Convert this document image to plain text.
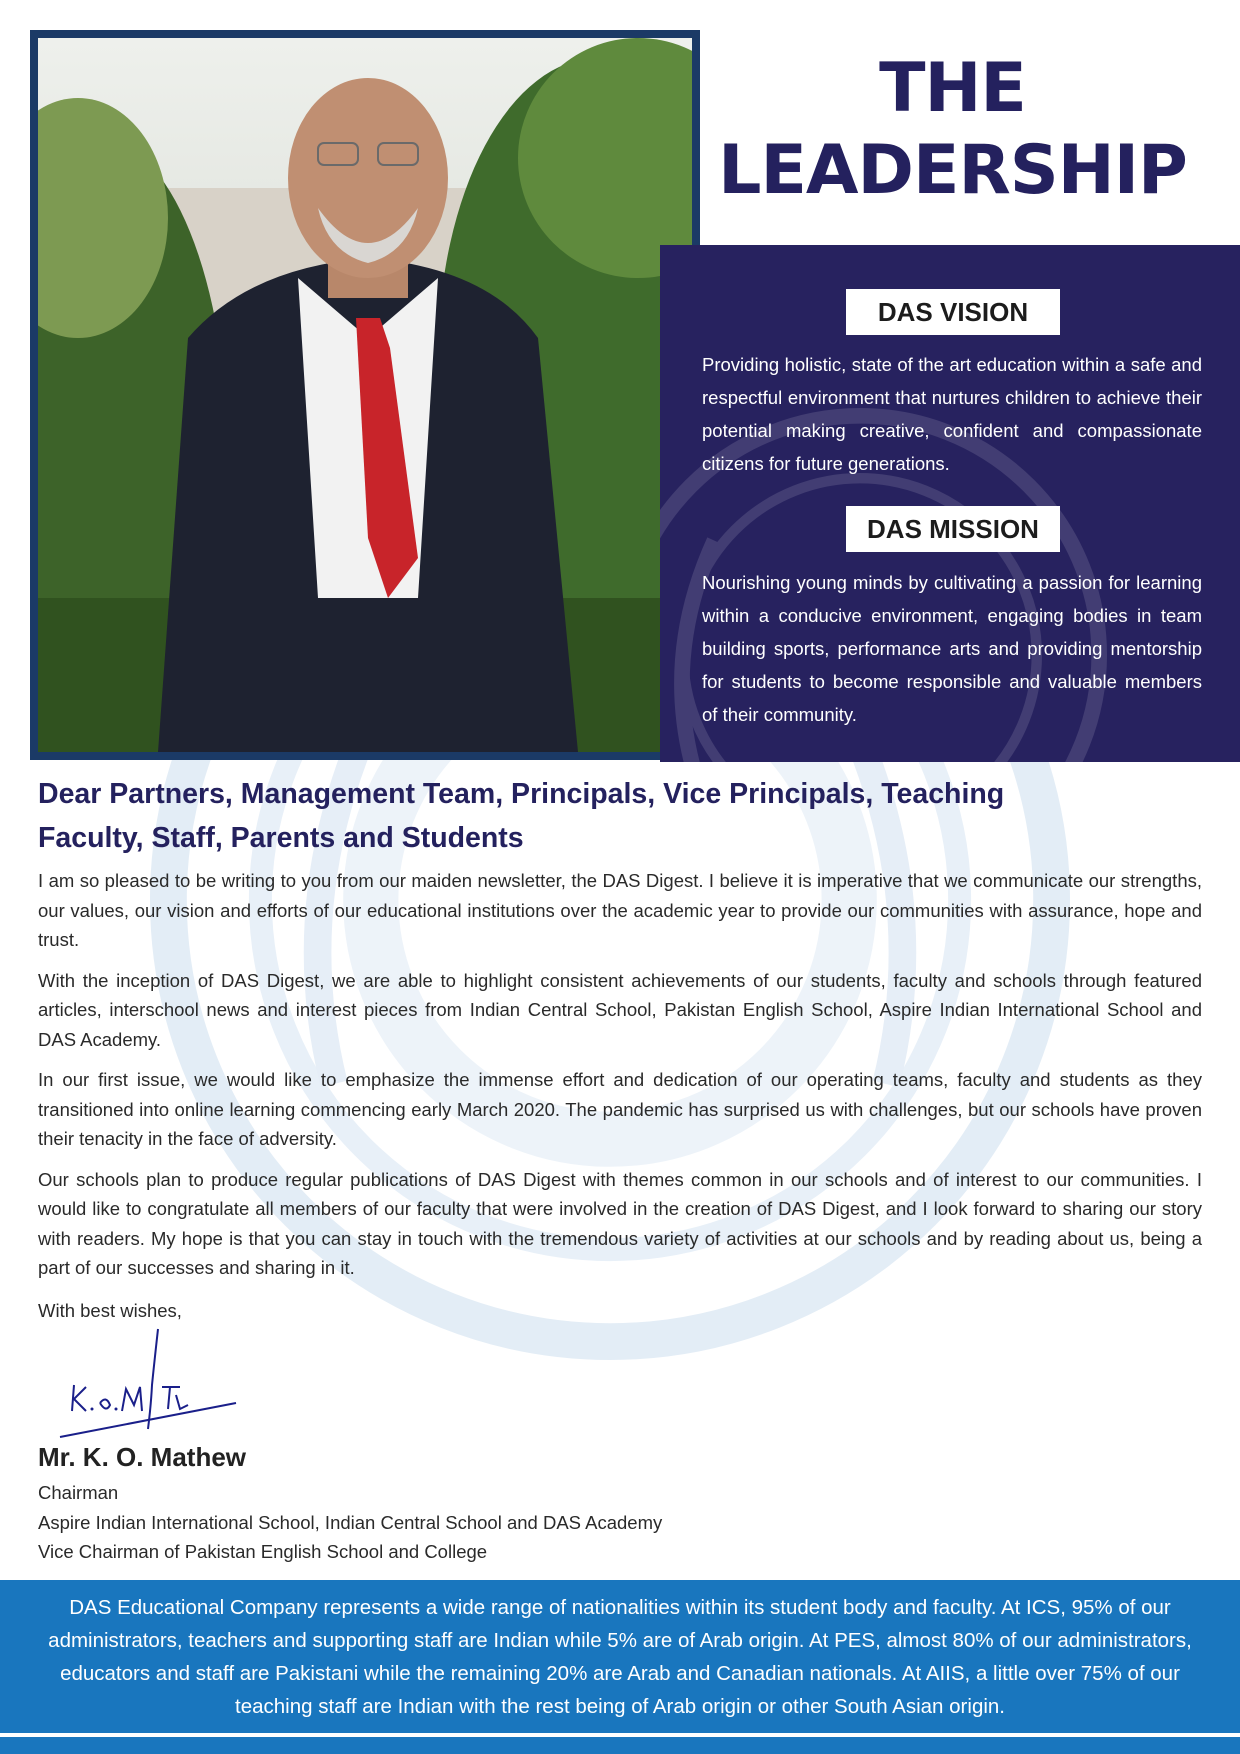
THE
LEADERSHIP
DAS VISION
Providing holistic, state of the art education within a safe and respectful environment that nurtures children to achieve their potential making creative, confident and compassionate citizens for future generations.
DAS MISSION
Nourishing young minds by cultivating a passion for learning within a conducive environment, engaging bodies in team building sports, performance arts and providing mentorship for students to become responsible and valuable members of their community.
Dear Partners, Management Team, Principals, Vice Principals, Teaching Faculty, Staff, Parents and Students

I am so pleased to be writing to you from our maiden newsletter, the DAS Digest. I believe it is imperative that we communicate our strengths, our values, our vision and efforts of our educational institutions over the academic year to provide our communities with assurance, hope and trust.

With the inception of DAS Digest, we are able to highlight consistent achievements of our students, faculty and schools through featured articles, interschool news and interest pieces from Indian Central School, Pakistan English School, Aspire Indian International School and DAS Academy.

In our first issue, we would like to emphasize the immense effort and dedication of our operating teams, faculty and students as they transitioned into online learning commencing early March 2020. The pandemic has surprised us with challenges, but our schools have proven their tenacity in the face of adversity.

Our schools plan to produce regular publications of DAS Digest with themes common in our schools and of interest to our communities. I would like to congratulate all members of our faculty that were involved in the creation of DAS Digest, and I look forward to sharing our story with readers. My hope is that you can stay in touch with the tremendous variety of activities at our schools and by reading about us, being a part of our successes and sharing in it.

With best wishes,
Mr. K. O. Mathew
Chairman
Aspire Indian International School, Indian Central School and DAS Academy
Vice Chairman of Pakistan English School and College
DAS Educational Company represents a wide range of nationalities within its student body and faculty. At ICS, 95% of our administrators, teachers and supporting staff are Indian while 5% are of Arab origin. At PES, almost 80% of our administrators, educators and staff are Pakistani while the remaining 20% are Arab and Canadian nationals. At AIIS, a little over 75% of our teaching staff are Indian with the rest being of Arab origin or other South Asian origin.
